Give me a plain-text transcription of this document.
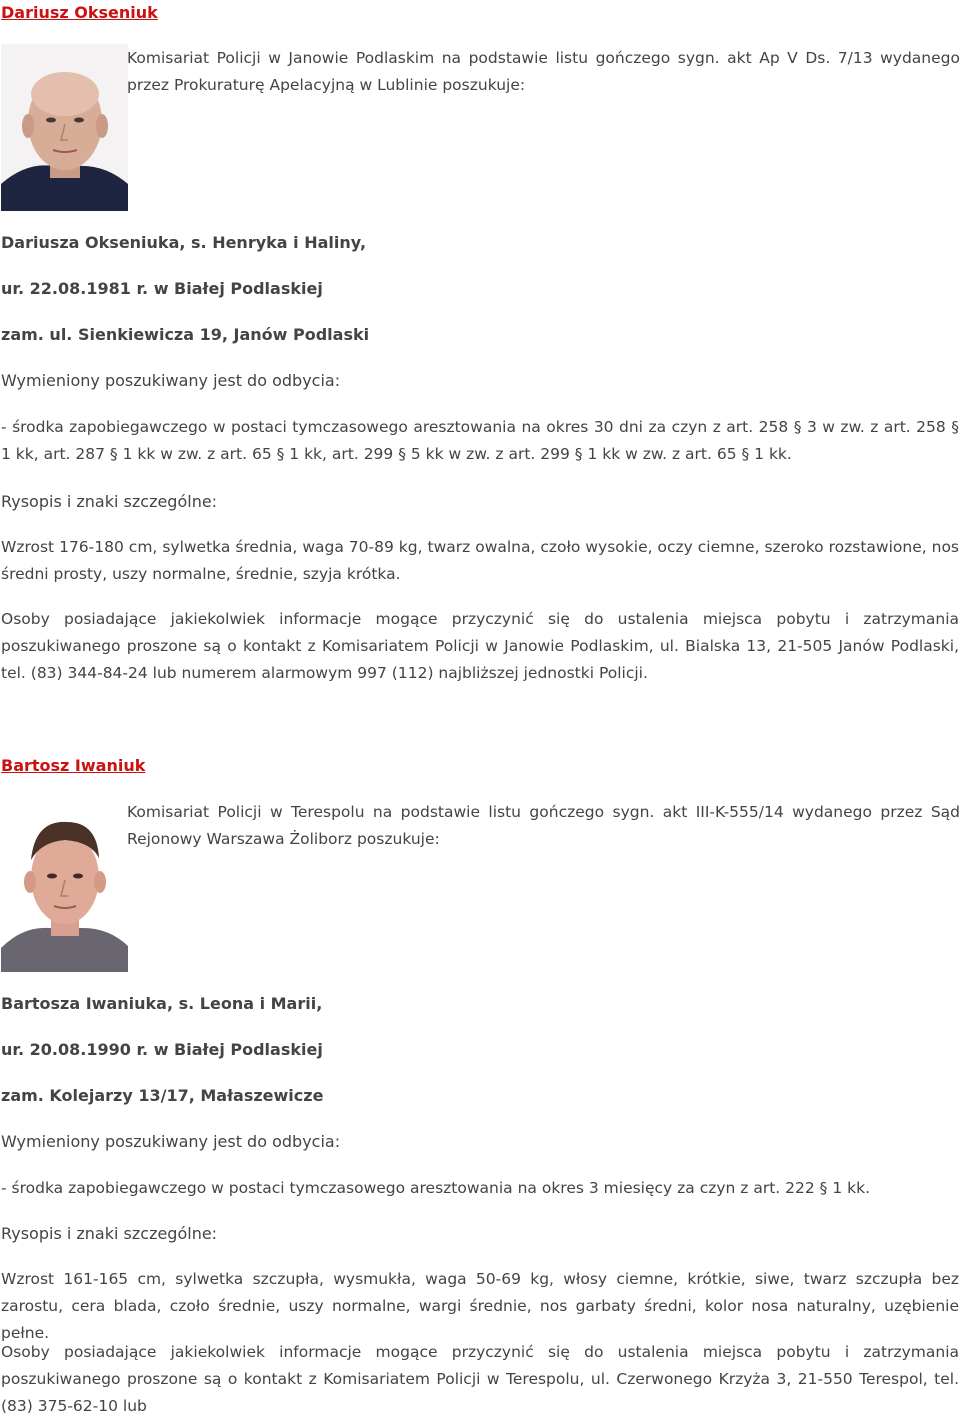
Dariusz Okseniuk

Komisariat Policji w Janowie Podlaskim na podstawie listu gończego sygn. akt Ap V Ds. 7/13 wydanego przez Prokuraturę Apelacyjną w Lublinie poszukuje:

Dariusza Okseniuka, s. Henryka i Haliny,

ur. 22.08.1981 r. w Białej Podlaskiej

zam. ul. Sienkiewicza 19, Janów Podlaski

Wymieniony poszukiwany jest do odbycia:

- środka zapobiegawczego w postaci tymczasowego aresztowania na okres 30 dni za czyn z art. 258 § 3 w zw. z art. 258 § 1 kk, art. 287 § 1 kk w zw. z art. 65 § 1 kk, art. 299 § 5 kk w zw. z art. 299 § 1 kk w zw. z art. 65 § 1 kk.

Rysopis i znaki szczególne:

Wzrost 176-180 cm, sylwetka średnia, waga 70-89 kg, twarz owalna, czoło wysokie, oczy ciemne, szeroko rozstawione, nos średni prosty, uszy normalne, średnie, szyja krótka.

Osoby posiadające jakiekolwiek informacje mogące przyczynić się do ustalenia miejsca pobytu i zatrzymania poszukiwanego proszone są o kontakt z Komisariatem Policji w Janowie Podlaskim, ul. Bialska 13, 21-505 Janów Podlaski, tel. (83) 344-84-24 lub numerem alarmowym 997 (112) najbliższej jednostki Policji.

Bartosz Iwaniuk

Komisariat Policji w Terespolu na podstawie listu gończego sygn. akt III-K-555/14 wydanego przez Sąd Rejonowy Warszawa Żoliborz poszukuje:

Bartosza Iwaniuka, s. Leona i Marii,

ur. 20.08.1990 r. w Białej Podlaskiej

zam. Kolejarzy 13/17, Małaszewicze

Wymieniony poszukiwany jest do odbycia:

- środka zapobiegawczego w postaci tymczasowego aresztowania na okres 3 miesięcy za czyn z art. 222 § 1 kk.

Rysopis i znaki szczególne:

Wzrost 161-165 cm, sylwetka szczupła, wysmukła, waga 50-69 kg, włosy ciemne, krótkie, siwe, twarz szczupła bez zarostu, cera blada, czoło średnie, uszy normalne, wargi średnie, nos garbaty średni, kolor nosa naturalny, uzębienie pełne.

Osoby posiadające jakiekolwiek informacje mogące przyczynić się do ustalenia miejsca pobytu i zatrzymania poszukiwanego proszone są o kontakt z Komisariatem Policji w Terespolu, ul. Czerwonego Krzyża 3, 21-550 Terespol, tel. (83) 375-62-10 lub
